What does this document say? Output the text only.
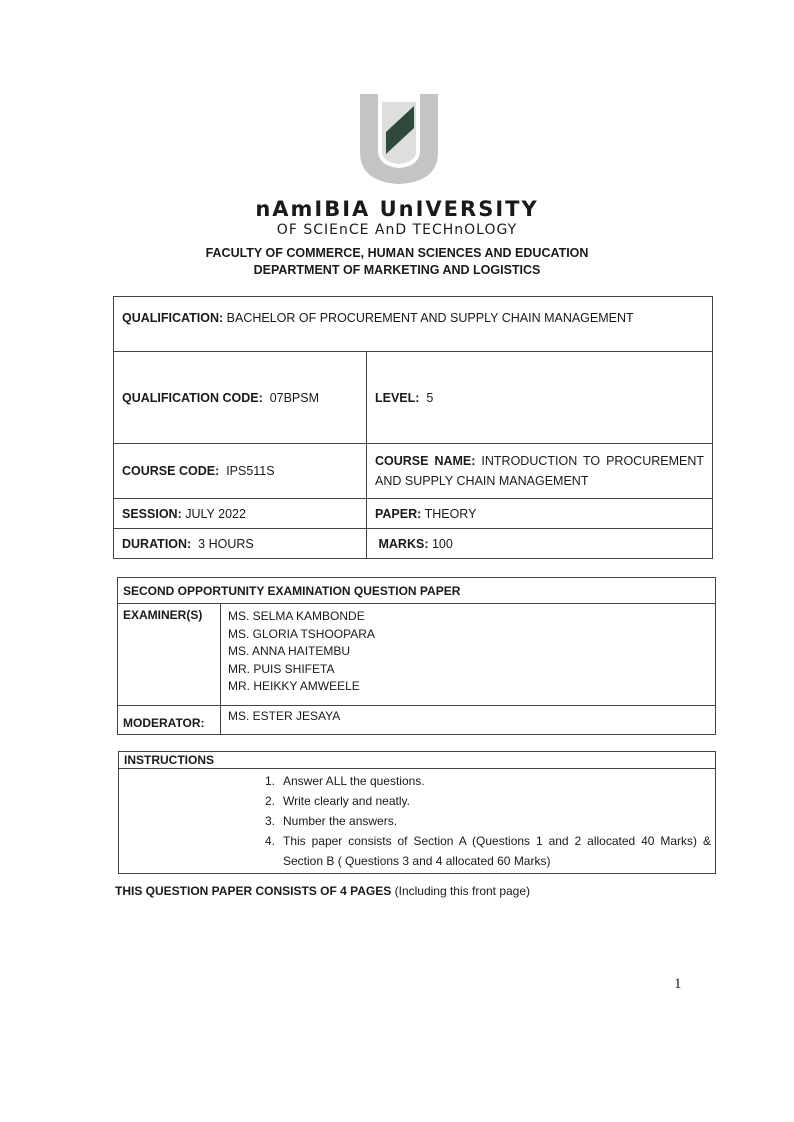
nAmIBIA UnIVERSITY
OF SCIEnCE AnD TECHnOLOGY
FACULTY OF COMMERCE, HUMAN SCIENCES AND EDUCATION
DEPARTMENT OF MARKETING AND LOGISTICS
QUALIFICATION: BACHELOR OF PROCUREMENT AND SUPPLY CHAIN MANAGEMENT	
QUALIFICATION CODE: 07BPSM	LEVEL: 5
COURSE CODE: IPS511S	COURSE NAME: INTRODUCTION TO PROCUREMENT AND SUPPLY CHAIN MANAGEMENT
SESSION: JULY 2022	PAPER: THEORY
DURATION: 3 HOURS	MARKS: 100
SECOND OPPORTUNITY EXAMINATION QUESTION PAPER	
EXAMINER(S)	MS. SELMA KAMBONDE
MS. GLORIA TSHOOPARA
MS. ANNA HAITEMBU
MR. PUIS SHIFETA
MR. HEIKKY AMWEELE

MODERATOR:	MS. ESTER JESAYA
INSTRUCTIONS

1. Answer ALL the questions.
2. Write clearly and neatly.
3. Number the answers.
4. This paper consists of Section A (Questions 1 and 2 allocated 40 Marks) & Section B ( Questions 3 and 4 allocated 60 Marks)
THIS QUESTION PAPER CONSISTS OF 4 PAGES (Including this front page)
1
